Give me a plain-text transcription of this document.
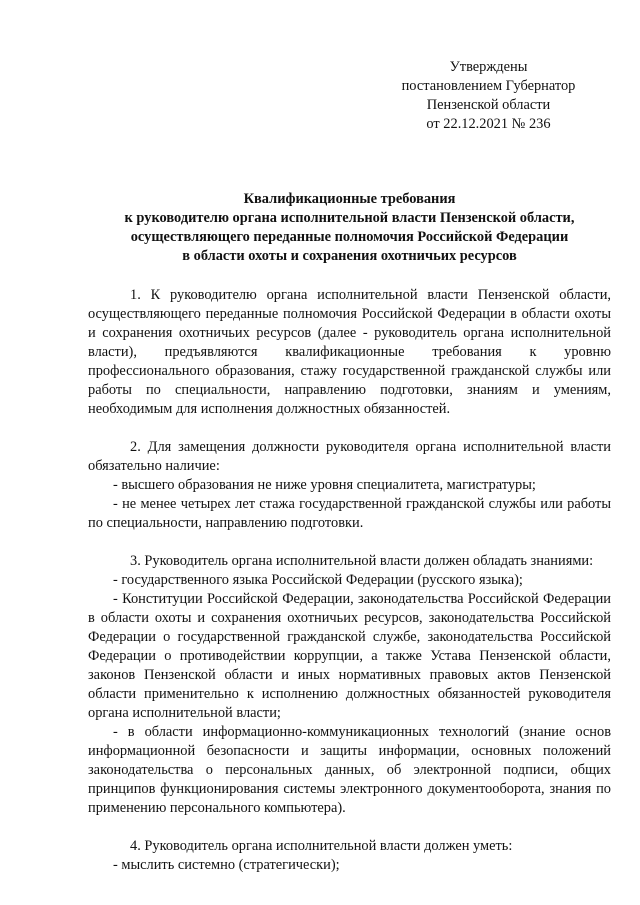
Утверждены
постановлением Губернатор
Пензенской области
от 22.12.2021 № 236
Квалификационные требования
к руководителю органа исполнительной власти Пензенской области,
осуществляющего переданные полномочия Российской Федерации
в области охоты и сохранения охотничьих ресурсов
1. К руководителю органа исполнительной власти Пензенской области, осуществляющего переданные полномочия Российской Федерации в области охоты и сохранения охотничьих ресурсов (далее - руководитель органа исполнительной власти), предъявляются квалификационные требования к уровню профессионального образования, стажу государственной гражданской службы или работы по специальности, направлению подготовки, знаниям и умениям, необходимым для исполнения должностных обязанностей.
2. Для замещения должности руководителя органа исполнительной власти обязательно наличие:
- высшего образования не ниже уровня специалитета, магистратуры;
- не менее четырех лет стажа государственной гражданской службы или работы по специальности, направлению подготовки.
3. Руководитель органа исполнительной власти должен обладать знаниями:
- государственного языка Российской Федерации (русского языка);
- Конституции Российской Федерации, законодательства Российской Федерации в области охоты и сохранения охотничьих ресурсов, законодательства Российской Федерации о государственной гражданской службе, законодательства Российской Федерации о противодействии коррупции, а также Устава Пензенской области, законов Пензенской области и иных нормативных правовых актов Пензенской области применительно к исполнению должностных обязанностей руководителя органа исполнительной власти;
- в области информационно-коммуникационных технологий (знание основ информационной безопасности и защиты информации, основных положений законодательства о персональных данных, об электронной подписи, общих принципов функционирования системы электронного документооборота, знания по применению персонального компьютера).
4. Руководитель органа исполнительной власти должен уметь:
- мыслить системно (стратегически);
